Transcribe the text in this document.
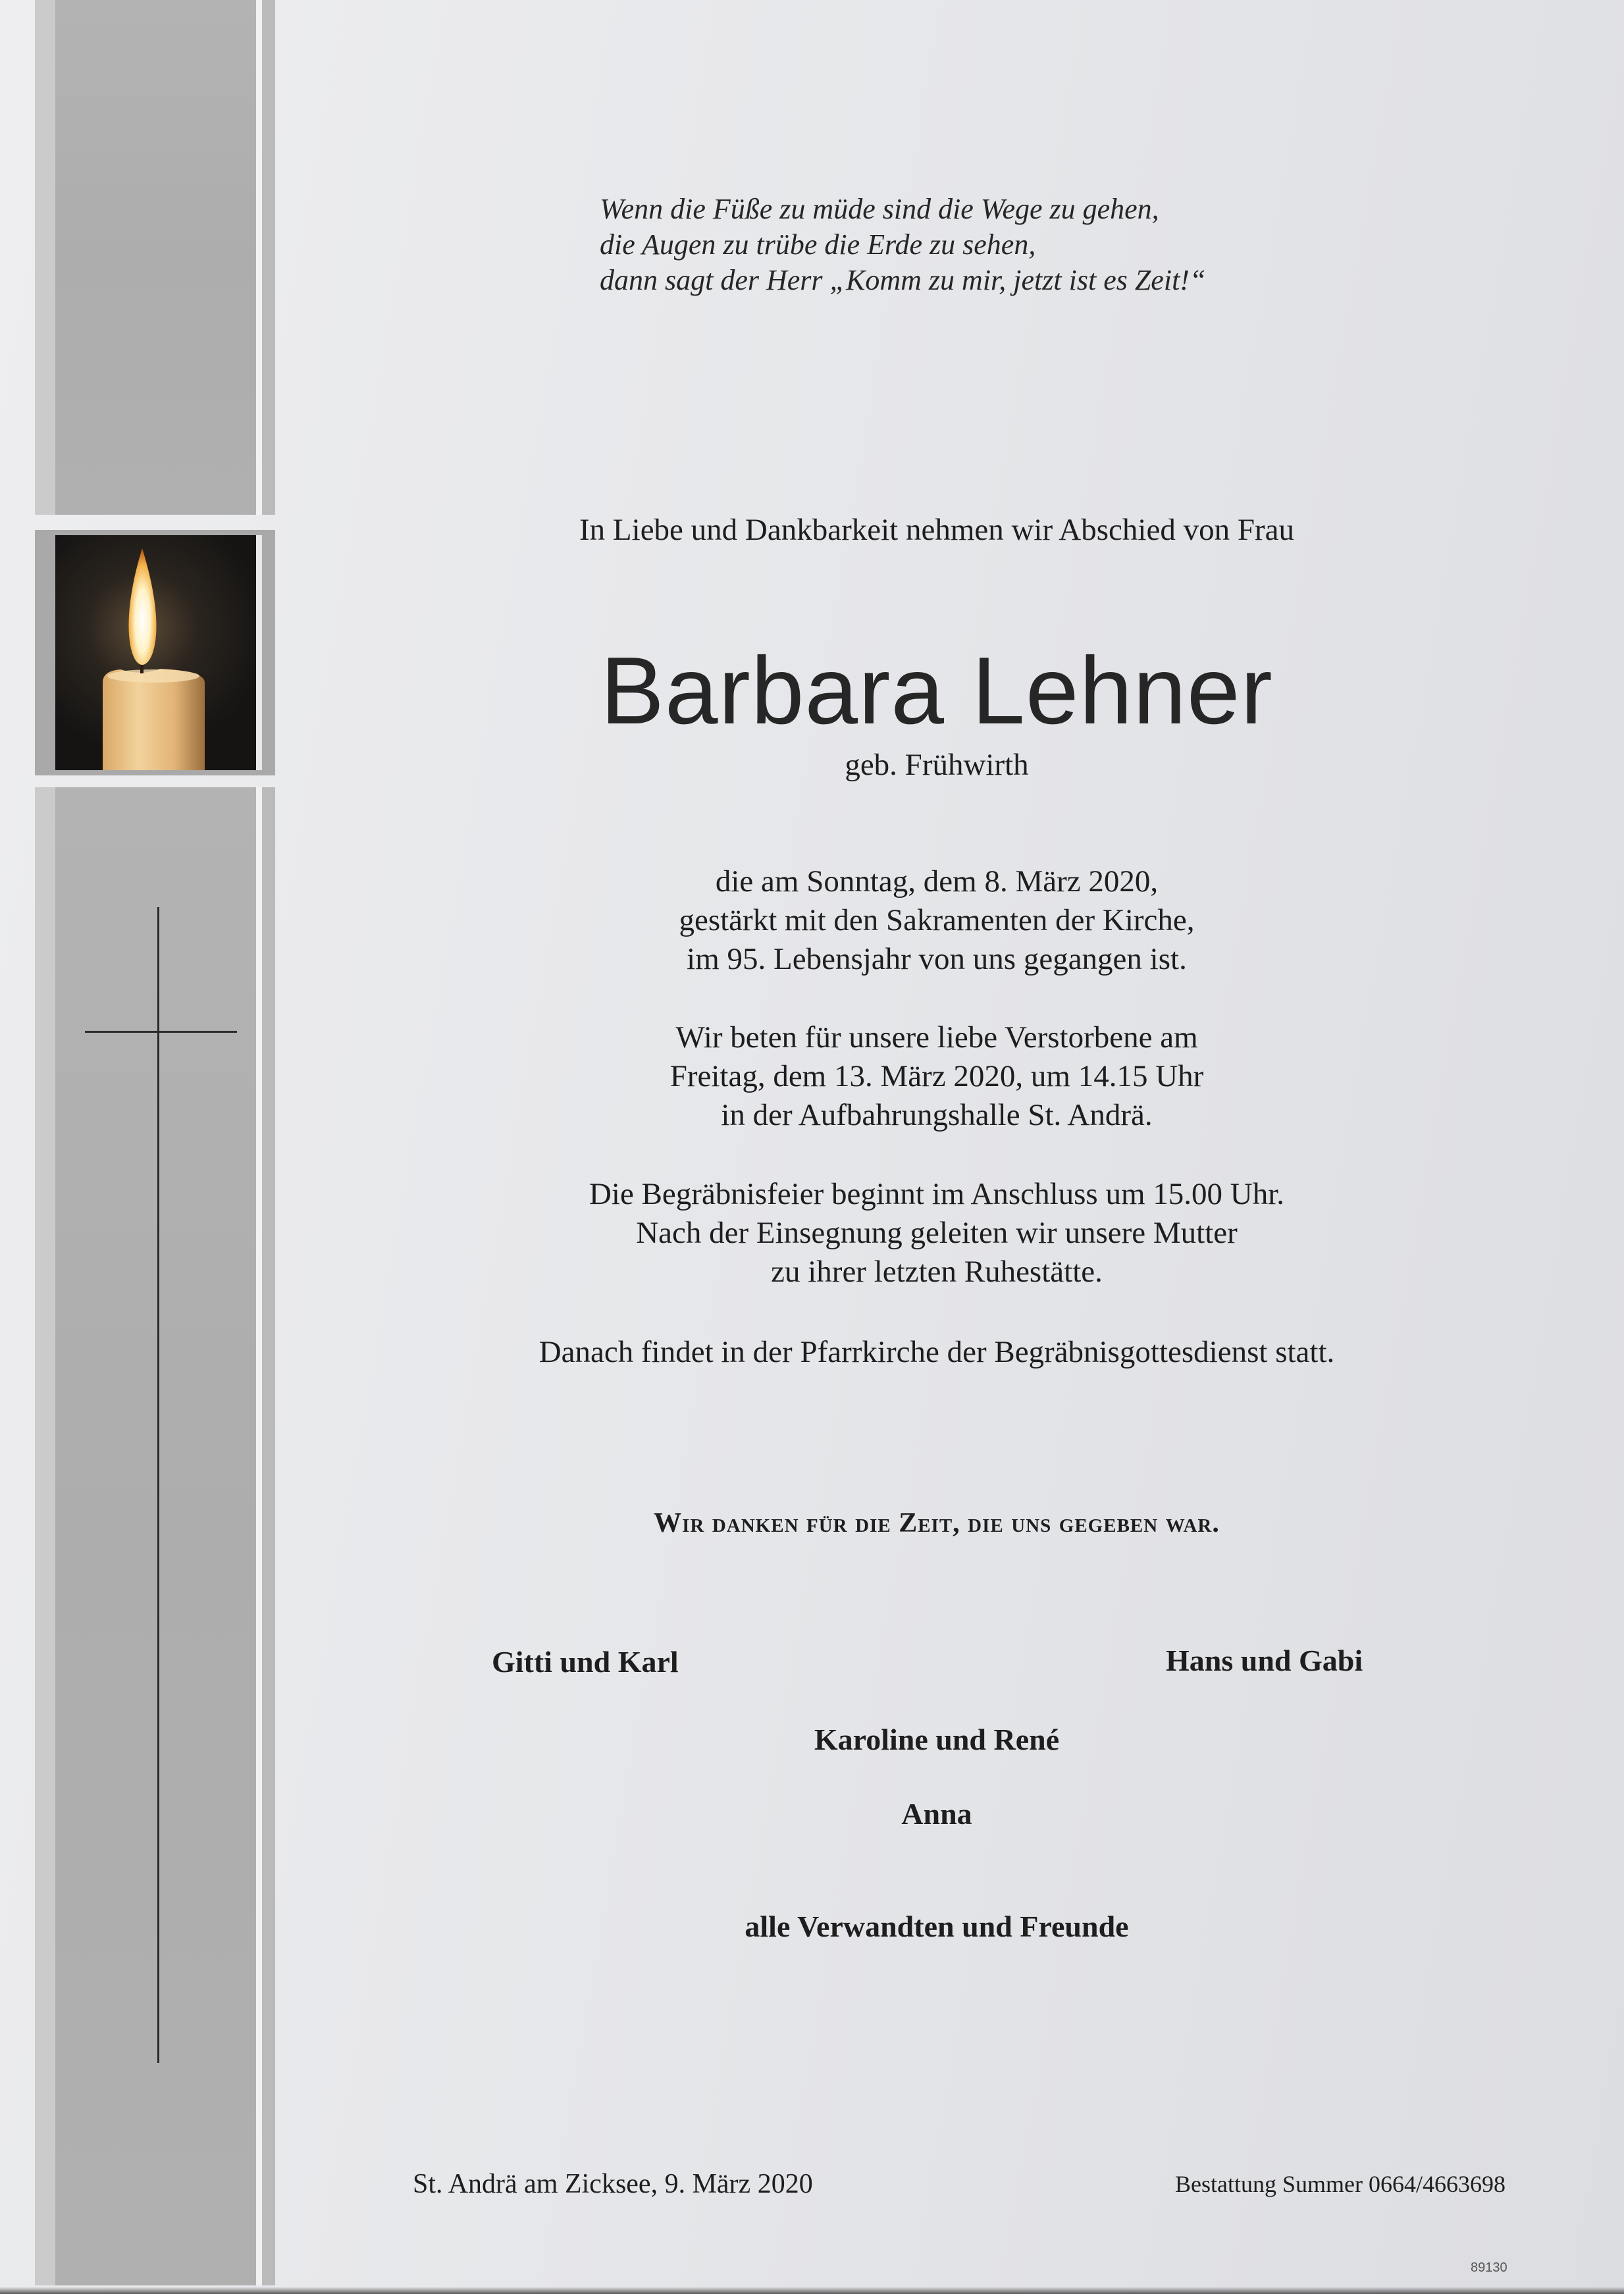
Wenn die Füße zu müde sind die Wege zu gehen,
die Augen zu trübe die Erde zu sehen,
dann sagt der Herr „Komm zu mir, jetzt ist es Zeit!“
In Liebe und Dankbarkeit nehmen wir Abschied von Frau
Barbara Lehner
geb. Frühwirth
die am Sonntag, dem 8. März 2020,
gestärkt mit den Sakramenten der Kirche,
im 95. Lebensjahr von uns gegangen ist.
Wir beten für unsere liebe Verstorbene am
Freitag, dem 13. März 2020, um 14.15 Uhr
in der Aufbahrungshalle St. Andrä.
Die Begräbnisfeier beginnt im Anschluss um 15.00 Uhr.
Nach der Einsegnung geleiten wir unsere Mutter
zu ihrer letzten Ruhestätte.
Danach findet in der Pfarrkirche der Begräbnisgottesdienst statt.
Wir danken für die Zeit, die uns gegeben war.
Gitti und Karl	Hans und Gabi
Karoline und René
Anna
alle Verwandten und Freunde
St. Andrä am Zicksee, 9. März 2020	Bestattung Summer 0664/4663698
89130
